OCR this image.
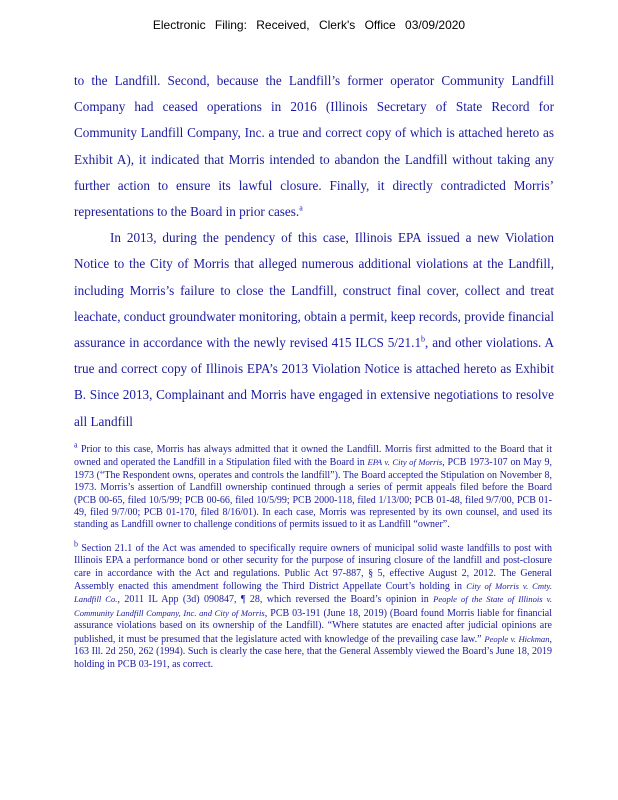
Electronic Filing: Received, Clerk's Office 03/09/2020

to the Landfill. Second, because the Landfill’s former operator Community Landfill Company had ceased operations in 2016 (Illinois Secretary of State Record for Community Landfill Company, Inc. a true and correct copy of which is attached hereto as Exhibit A), it indicated that Morris intended to abandon the Landfill without taking any further action to ensure its lawful closure. Finally, it directly contradicted Morris’ representations to the Board in prior cases.$^a$

In 2013, during the pendency of this case, Illinois EPA issued a new Violation Notice to the City of Morris that alleged numerous additional violations at the Landfill, including Morris’s failure to close the Landfill, construct final cover, collect and treat leachate, conduct groundwater monitoring, obtain a permit, keep records, provide financial assurance in accordance with the newly revised 415 ILCS 5/21.1$^b$, and other violations. A true and correct copy of Illinois EPA’s 2013 Violation Notice is attached hereto as Exhibit B. Since 2013, Complainant and Morris have engaged in extensive negotiations to resolve all Landfill

$^a$ Prior to this case, Morris has always admitted that it owned the Landfill. Morris first admitted to the Board that it owned and operated the Landfill in a Stipulation filed with the Board in EPA v. City of Morris, PCB 1973-107 on May 9, 1973 (“The Respondent owns, operates and controls the landfill”). The Board accepted the Stipulation on November 8, 1973. Morris’s assertion of Landfill ownership continued through a series of permit appeals filed before the Board (PCB 00-65, filed 10/5/99; PCB 00-66, filed 10/5/99; PCB 2000-118, filed 1/13/00; PCB 01-48, filed 9/7/00, PCB 01-49, filed 9/7/00; PCB 01-170, filed 8/16/01). In each case, Morris was represented by its own counsel, and used its standing as Landfill owner to challenge conditions of permits issued to it as Landfill “owner”.

$^b$ Section 21.1 of the Act was amended to specifically require owners of municipal solid waste landfills to post with Illinois EPA a performance bond or other security for the purpose of insuring closure of the landfill and post-closure care in accordance with the Act and regulations. Public Act 97-887, § 5, effective August 2, 2012. The General Assembly enacted this amendment following the Third District Appellate Court’s holding in City of Morris v. Cmty. Landfill Co., 2011 IL App (3d) 090847, ¶ 28, which reversed the Board’s opinion in People of the State of Illinois v. Community Landfill Company, Inc. and City of Morris, PCB 03-191 (June 18, 2019) (Board found Morris liable for financial assurance violations based on its ownership of the Landfill). “Where statutes are enacted after judicial opinions are published, it must be presumed that the legislature acted with knowledge of the prevailing case law.” People v. Hickman, 163 Ill. 2d 250, 262 (1994). Such is clearly the case here, that the General Assembly viewed the Board’s June 18, 2019 holding in PCB 03-191, as correct.
